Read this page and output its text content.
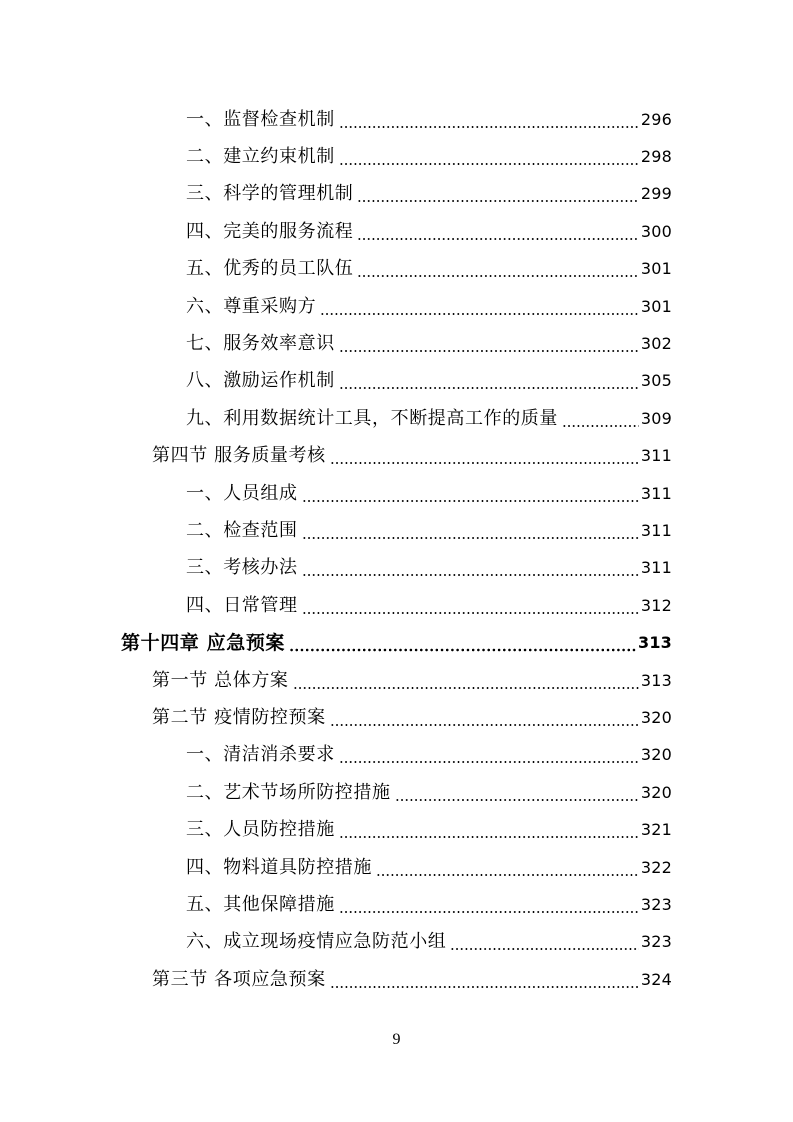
一、监督检查机制	296
二、建立约束机制	298
三、科学的管理机制	299
四、完美的服务流程	300
五、优秀的员工队伍	301
六、尊重采购方	301
七、服务效率意识	302
八、激励运作机制	305
九、利用数据统计工具，不断提高工作的质量	309
第四节 服务质量考核	311
一、人员组成	311
二、检查范围	311
三、考核办法	311
四、日常管理	312
第十四章 应急预案	313
第一节 总体方案	313
第二节 疫情防控预案	320
一、清洁消杀要求	320
二、艺术节场所防控措施	320
三、人员防控措施	321
四、物料道具防控措施	322
五、其他保障措施	323
六、成立现场疫情应急防范小组	323
第三节 各项应急预案	324
9
